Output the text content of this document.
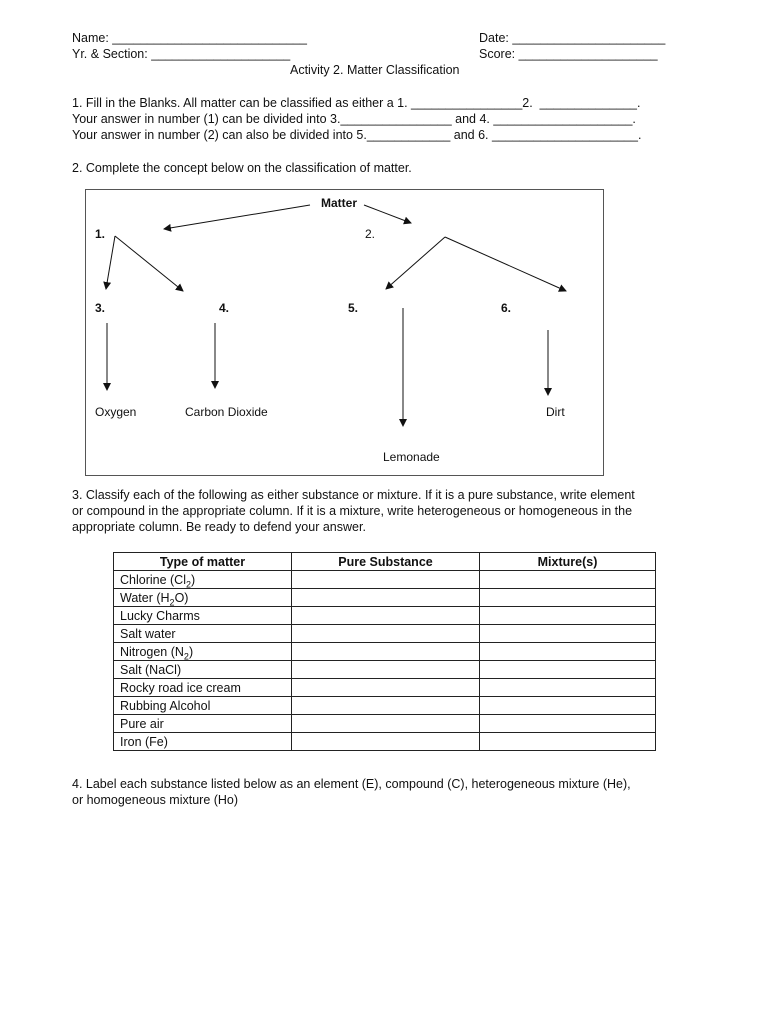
Name: ____________________________	Date: ______________________
Yr. & Section: ____________________	Score: ____________________
Activity 2. Matter Classification
1. Fill in the Blanks. All matter can be classified as either a 1. ________________2.  ______________.
Your answer in number (1) can be divided into 3.________________ and 4. ____________________.
Your answer in number (2) can also be divided into 5.____________ and 6. _____________________.
2. Complete the concept below on the classification of matter.
Matter
1.	2.
3.	4.	5.	6.
Oxygen	Carbon Dioxide	Dirt
Lemonade
3. Classify each of the following as either substance or mixture. If it is a pure substance, write element
or compound in the appropriate column. If it is a mixture, write heterogeneous or homogeneous in the
appropriate column. Be ready to defend your answer.
Type of matter	Pure Substance	Mixture(s)
Chlorine $(Cl_2)$		
Water $(H_2O)$		
Lucky Charms		
Salt water		
Nitrogen $(N_2)$		
Salt (NaCl)		
Rocky road ice cream		
Rubbing Alcohol		
Pure air		
Iron (Fe)		
4. Label each substance listed below as an element (E), compound (C), heterogeneous mixture (He),
or homogeneous mixture (Ho)
